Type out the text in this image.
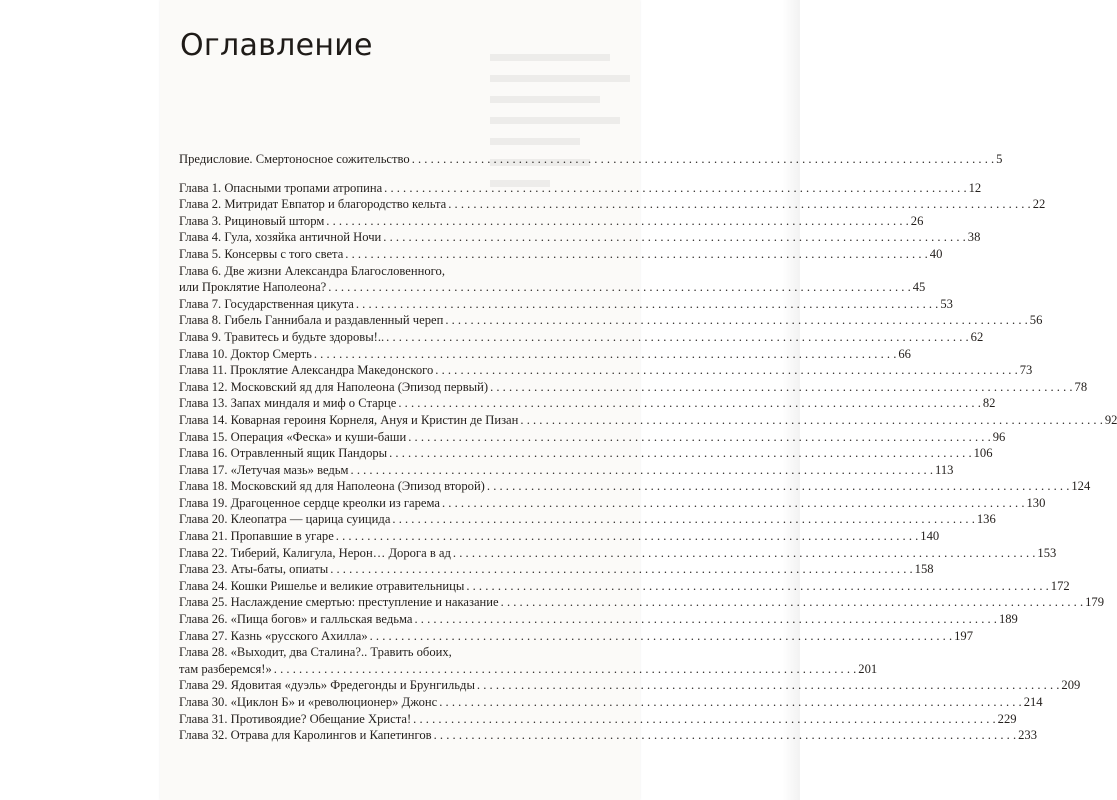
Оглавление
Предисловие. Смертоносное сожительство . . .	5
Глава 1. Опасными тропами атропина . . .	12
Глава 2. Митридат Евпатор и благородство кельта . . .	22
Глава 3. Рициновый шторм . . .	26
Глава 4. Гула, хозяйка античной Ночи . . .	38
Глава 5. Консервы с того света . . .	40
Глава 6. Две жизни Александра Благословенного,
или Проклятие Наполеона? . . .	45
Глава 7. Государственная цикута . . .	53
Глава 8. Гибель Ганнибала и раздавленный череп . . .	56
Глава 9. Травитесь и будьте здоровы!.. . . .	62
Глава 10. Доктор Смерть . . .	66
Глава 11. Проклятие Александра Македонского . . .	73
Глава 12. Московский яд для Наполеона (Эпизод первый) . . .	78
Глава 13. Запах миндаля и миф о Старце . . .	82
Глава 14. Коварная героиня Корнеля, Ануя и Кристин де Пизан . . .	92
Глава 15. Операция «Феска» и куши-баши . . .	96
Глава 16. Отравленный ящик Пандоры . . .	106
Глава 17. «Летучая мазь» ведьм . . .	113
Глава 18. Московский яд для Наполеона (Эпизод второй) . . .	124
Глава 19. Драгоценное сердце креолки из гарема . . .	130
Глава 20. Клеопатра — царица суицида . . .	136
Глава 21. Пропавшие в угаре . . .	140
Глава 22. Тиберий, Калигула, Нерон… Дорога в ад . . .	153
Глава 23. Аты-баты, опиаты . . .	158
Глава 24. Кошки Ришелье и великие отравительницы . . .	172
Глава 25. Наслаждение смертью: преступление и наказание . . .	179
Глава 26. «Пища богов» и галльская ведьма . . .	189
Глава 27. Казнь «русского Ахилла» . . .	197
Глава 28. «Выходит, два Сталина?.. Травить обоих,
там разберемся!» . . .	201
Глава 29. Ядовитая «дуэль» Фредегонды и Брунгильды . . .	209
Глава 30. «Циклон Б» и «революционер» Джонс . . .	214
Глава 31. Противоядие? Обещание Христа! . . .	229
Глава 32. Отрава для Каролингов и Капетингов . . .	233
